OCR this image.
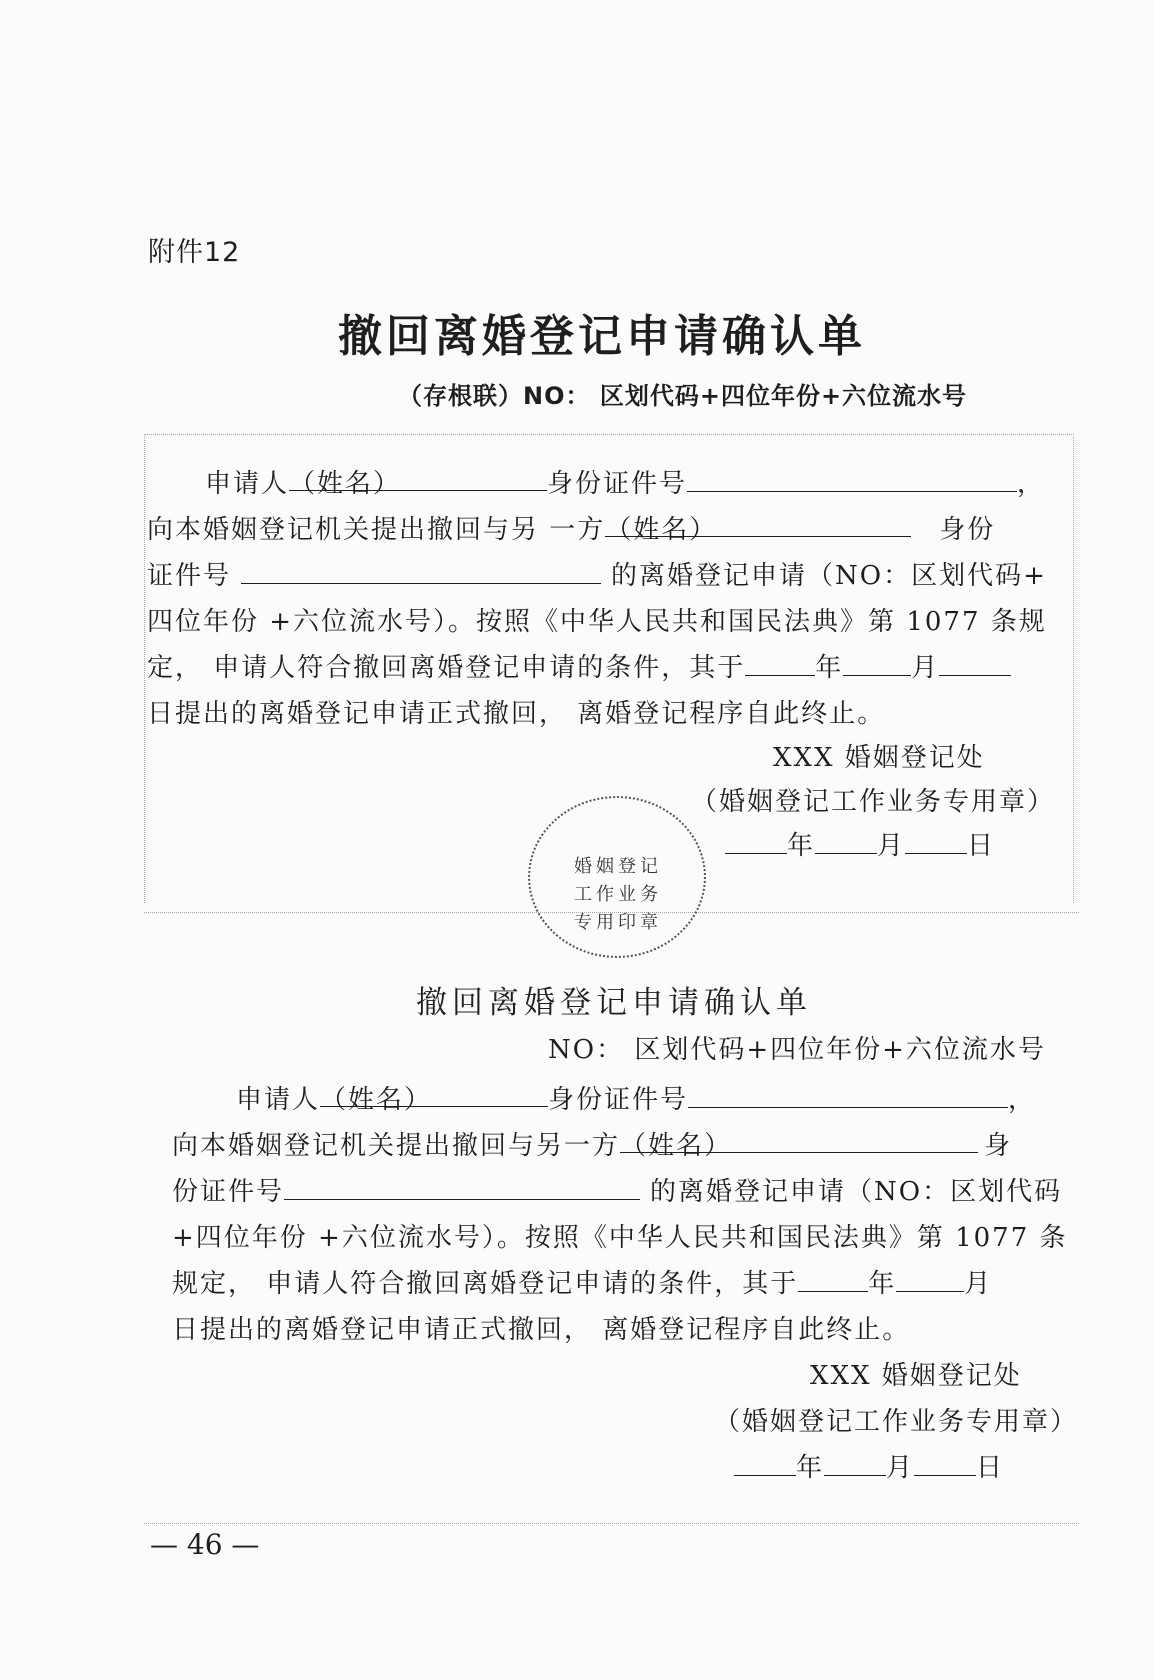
附件12
撤回离婚登记申请确认单
（存根联）NO： 区划代码+四位年份+六位流水号
申请人（姓名）	身份证件号	，
向本婚姻登记机关提出撤回与另 一方（姓名）	身份
证件号	的离婚登记申请（NO：区划代码+
四位年份 +六位流水号）。按照《中华人民共和国民法典》第 1077 条规
定， 申请人符合撤回离婚登记申请的条件，其于	年	月
日提出的离婚登记申请正式撤回， 离婚登记程序自此终止。
XXX 婚姻登记处
（婚姻登记工作业务专用章）
年 月 日
撤回离婚登记申请确认单
NO： 区划代码+四位年份+六位流水号
申请人（姓名）	身份证件号	，
向本婚姻登记机关提出撤回与另一方（姓名）	身
份证件号	的离婚登记申请（NO：区划代码
+四位年份 +六位流水号）。按照《中华人民共和国民法典》第 1077 条
规定， 申请人符合撤回离婚登记申请的条件，其于	年	月
日提出的离婚登记申请正式撤回， 离婚登记程序自此终止。
XXX 婚姻登记处
（婚姻登记工作业务专用章）
年 月 日
婚姻登记
工作业务
专用印章
— 46 —
